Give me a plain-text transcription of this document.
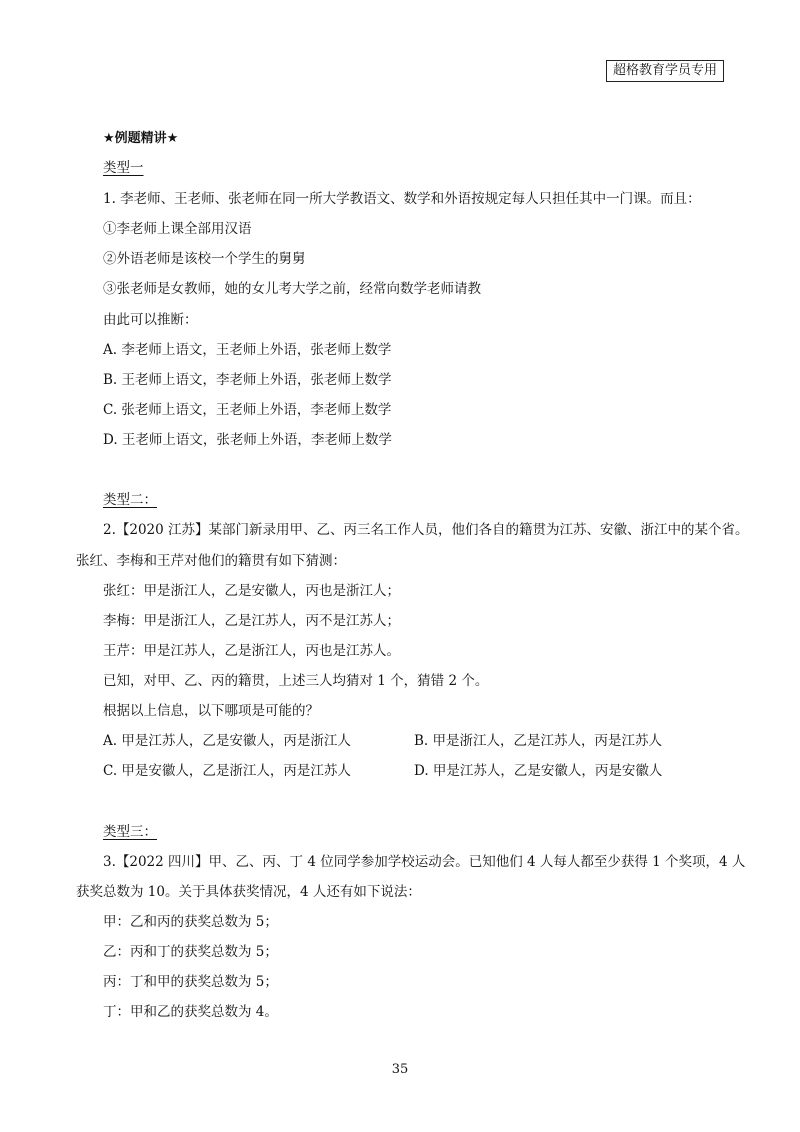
超格教育学员专用
★例题精讲★
类型一
1. 李老师、王老师、张老师在同一所大学教语文、数学和外语按规定每人只担任其中一门课。而且：
①李老师上课全部用汉语
②外语老师是该校一个学生的舅舅
③张老师是女教师，她的女儿考大学之前，经常向数学老师请教
由此可以推断：
A. 李老师上语文，王老师上外语，张老师上数学
B. 王老师上语文，李老师上外语，张老师上数学
C. 张老师上语文，王老师上外语，李老师上数学
D. 王老师上语文，张老师上外语，李老师上数学
类型二：
2.【2020 江苏】某部门新录用甲、乙、丙三名工作人员，他们各自的籍贯为江苏、安徽、浙江中的某个省。
张红、李梅和王芹对他们的籍贯有如下猜测：
张红：甲是浙江人，乙是安徽人，丙也是浙江人；
李梅：甲是浙江人，乙是江苏人，丙不是江苏人；
王芹：甲是江苏人，乙是浙江人，丙也是江苏人。
已知，对甲、乙、丙的籍贯，上述三人均猜对 1 个，猜错 2 个。
根据以上信息，以下哪项是可能的？
A. 甲是江苏人，乙是安徽人，丙是浙江人	B. 甲是浙江人，乙是江苏人，丙是江苏人
C. 甲是安徽人，乙是浙江人，丙是江苏人	D. 甲是江苏人，乙是安徽人，丙是安徽人
类型三：
3.【2022 四川】甲、乙、丙、丁 4 位同学参加学校运动会。已知他们 4 人每人都至少获得 1 个奖项，4 人
获奖总数为 10。关于具体获奖情况，4 人还有如下说法：
甲：乙和丙的获奖总数为 5；
乙：丙和丁的获奖总数为 5；
丙：丁和甲的获奖总数为 5；
丁：甲和乙的获奖总数为 4。
35
